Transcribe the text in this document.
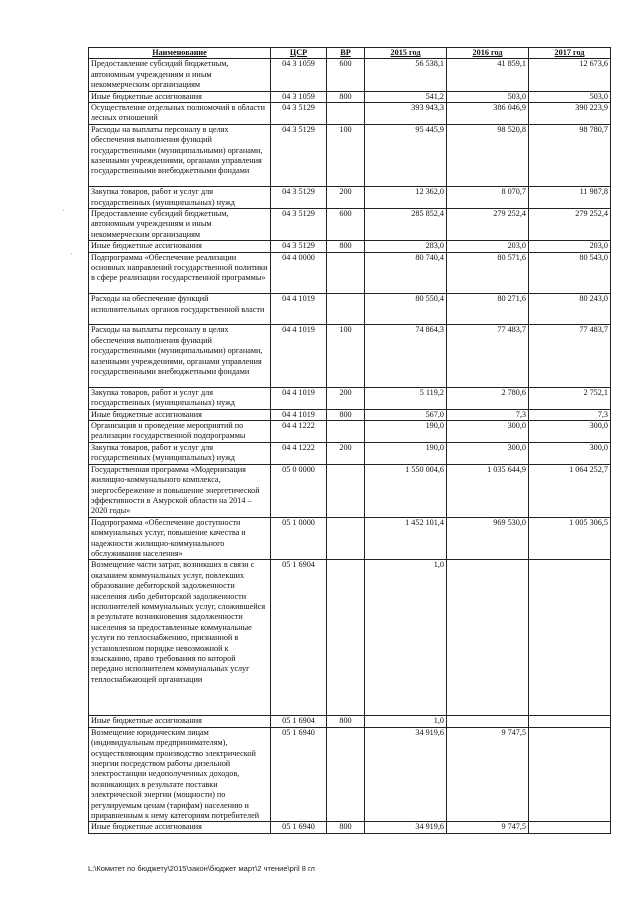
Наименование	ЦСР	ВР	2015 год	2016 год	2017 год
Предоставление субсидий бюджетным, автономным учреждениям и иным некоммерческим организациям	04 3 1059	600	56 538,1	41 859,1	12 673,6
Иные бюджетные ассигнования	04 3 1059	800	541,2	503,0	503,0
Осуществление отдельных полномочий в области лесных отношений	04 3 5129		393 943,3	386 046,9	390 223,9
Расходы на выплаты персоналу в целях обеспечения выполнения функций государственными (муниципальными) органами, казенными учреждениями, органами управления государственными внебюджетными фондами	04 3 5129	100	95 445,9	98 520,8	98 780,7
Закупка товаров, работ и услуг для государственных (муниципальных) нужд	04 3 5129	200	12 362,0	8 070,7	11 987,8
Предоставление субсидий бюджетным, автономным учреждениям и иным некоммерческим организациям	04 3 5129	600	285 852,4	279 252,4	279 252,4
Иные бюджетные ассигнования	04 3 5129	800	283,0	203,0	203,0
Подпрограмма «Обеспечение реализации основных направлений государственной политики в сфере реализации государственной программы»	04 4 0000		80 740,4	80 571,6	80 543,0
Расходы на обеспечение функций исполнительных органов государственной власти	04 4 1019		80 550,4	80 271,6	80 243,0
Расходы на выплаты персоналу в целях обеспечения выполнения функций государственными (муниципальными) органами, казенными учреждениями, органами управления государственными внебюджетными фондами	04 4 1019	100	74 864,3	77 483,7	77 483,7
Закупка товаров, работ и услуг для государственных (муниципальных) нужд	04 4 1019	200	5 119,2	2 780,6	2 752,1
Иные бюджетные ассигнования	04 4 1019	800	567,0	7,3	7,3
Организация и проведение мероприятий по реализации государственной подпрограммы	04 4 1222		190,0	300,0	300,0
Закупка товаров, работ и услуг для государственных (муниципальных) нужд	04 4 1222	200	190,0	300,0	300,0
Государственная программа «Модернизация жилищно-коммунального комплекса, энергосбережение и повышение энергетической эффективности в Амурской области на 2014 – 2020 годы»	05 0 0000		1 550 004,6	1 035 644,9	1 064 252,7
Подпрограмма «Обеспечение доступности коммунальных услуг, повышение качества и надежности жилищно-коммунального обслуживания населения»	05 1 0000		1 452 101,4	969 530,0	1 005 306,5
Возмещение части затрат, возникших в связи с оказанием коммунальных услуг, повлекших образование дебиторской задолженности населения либо дебиторской задолженности исполнителей коммунальных услуг, сложившейся в результате возникновения задолженности населения за предоставленные коммунальные услуги по теплоснабжению, признанной в установленном порядке невозможной к взысканию, право требования по которой передано исполнителем коммунальных услуг теплоснабжающей организации	05 1 6904		1,0		
Иные бюджетные ассигнования	05 1 6904	800	1,0		
Возмещение юридическим лицам (индивидуальным предпринимателям), осуществляющим производство электрической энергии посредством работы дизельной электростанции недополученных доходов, возникающих в результате поставки электрической энергии (мощности) по регулируемым ценам (тарифам) населению и приравненным к нему категориям потребителей	05 1 6940		34 919,6	9 747,5	
Иные бюджетные ассигнования	05 1 6940	800	34 919,6	9 747,5	
L:\Комитет по бюджету\2015\закон\бюджет март\2 чтение\pril 8 гл
·
·
